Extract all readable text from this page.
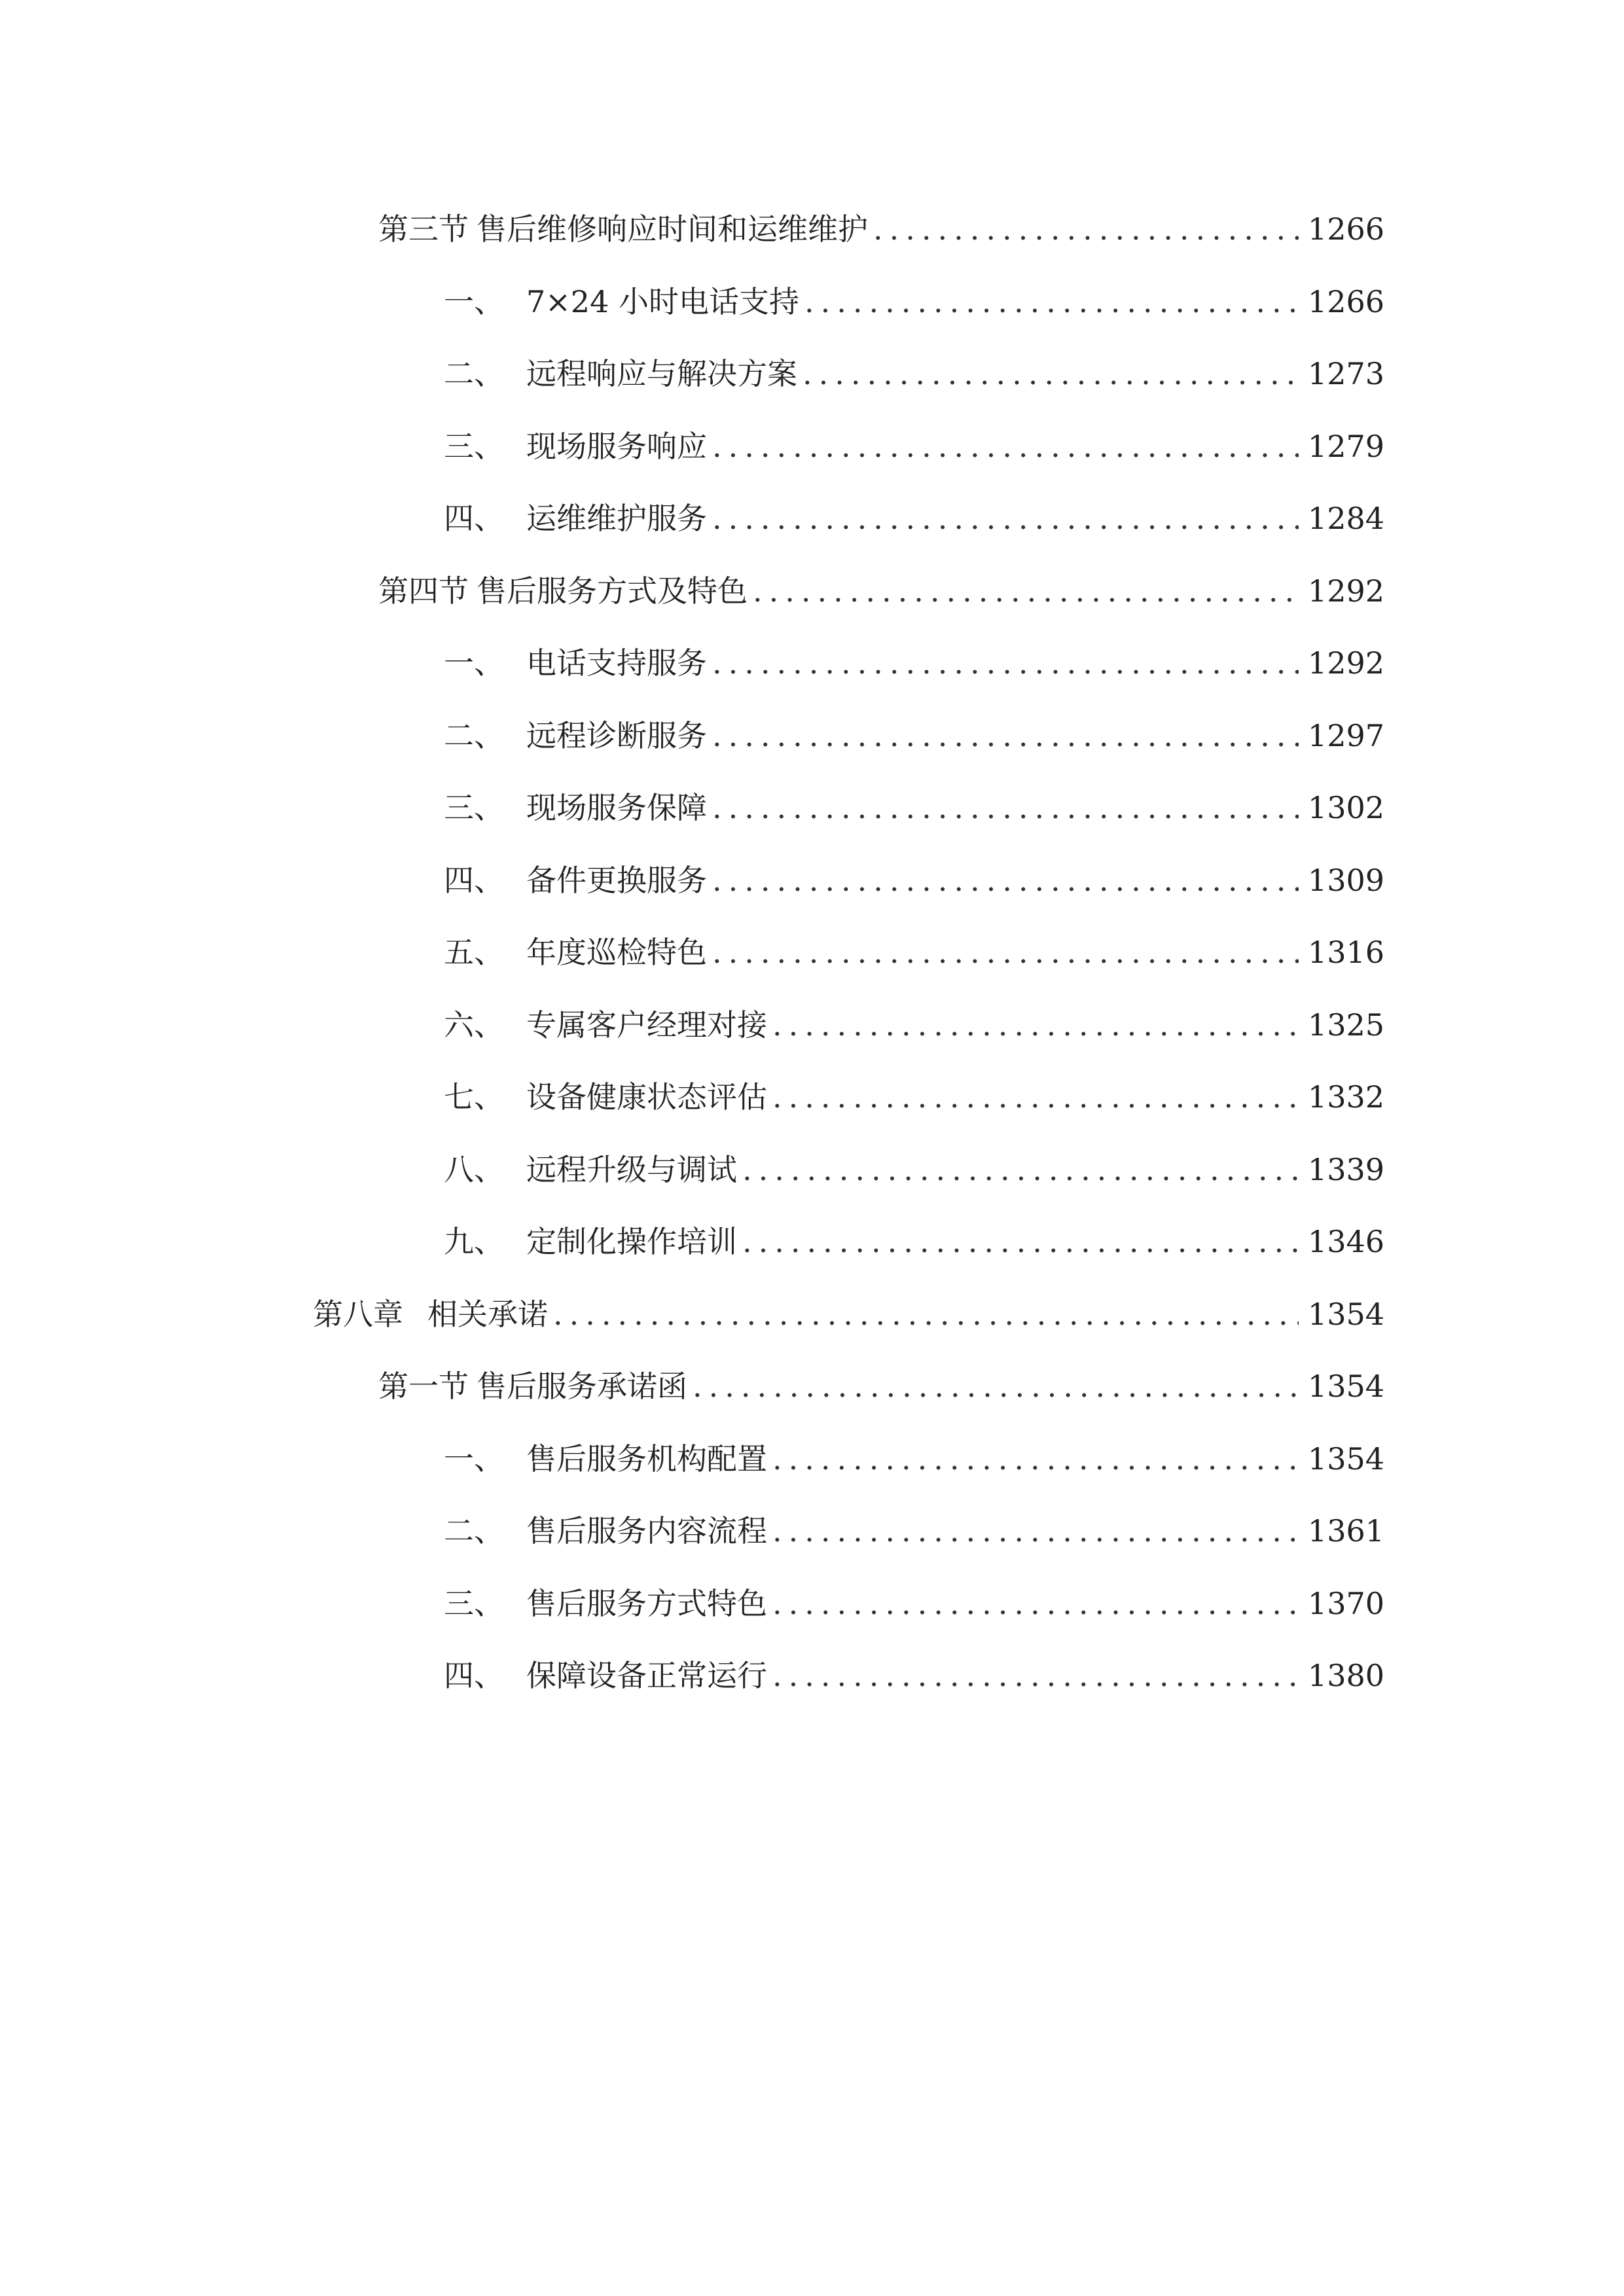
第三节 售后维修响应时间和运维维护 .....	1266
一、 7×24 小时电话支持 .....	1266
二、 远程响应与解决方案 .....	1273
三、 现场服务响应 .....	1279
四、 运维维护服务 .....	1284
第四节 售后服务方式及特色 .....	1292
一、 电话支持服务 .....	1292
二、 远程诊断服务 .....	1297
三、 现场服务保障 .....	1302
四、 备件更换服务 .....	1309
五、 年度巡检特色 .....	1316
六、 专属客户经理对接 .....	1325
七、 设备健康状态评估 .....	1332
八、 远程升级与调试 .....	1339
九、 定制化操作培训 .....	1346
第八章 相关承诺 .....	1354
第一节 售后服务承诺函 .....	1354
一、 售后服务机构配置 .....	1354
二、 售后服务内容流程 .....	1361
三、 售后服务方式特色 .....	1370
四、 保障设备正常运行 .....	1380
